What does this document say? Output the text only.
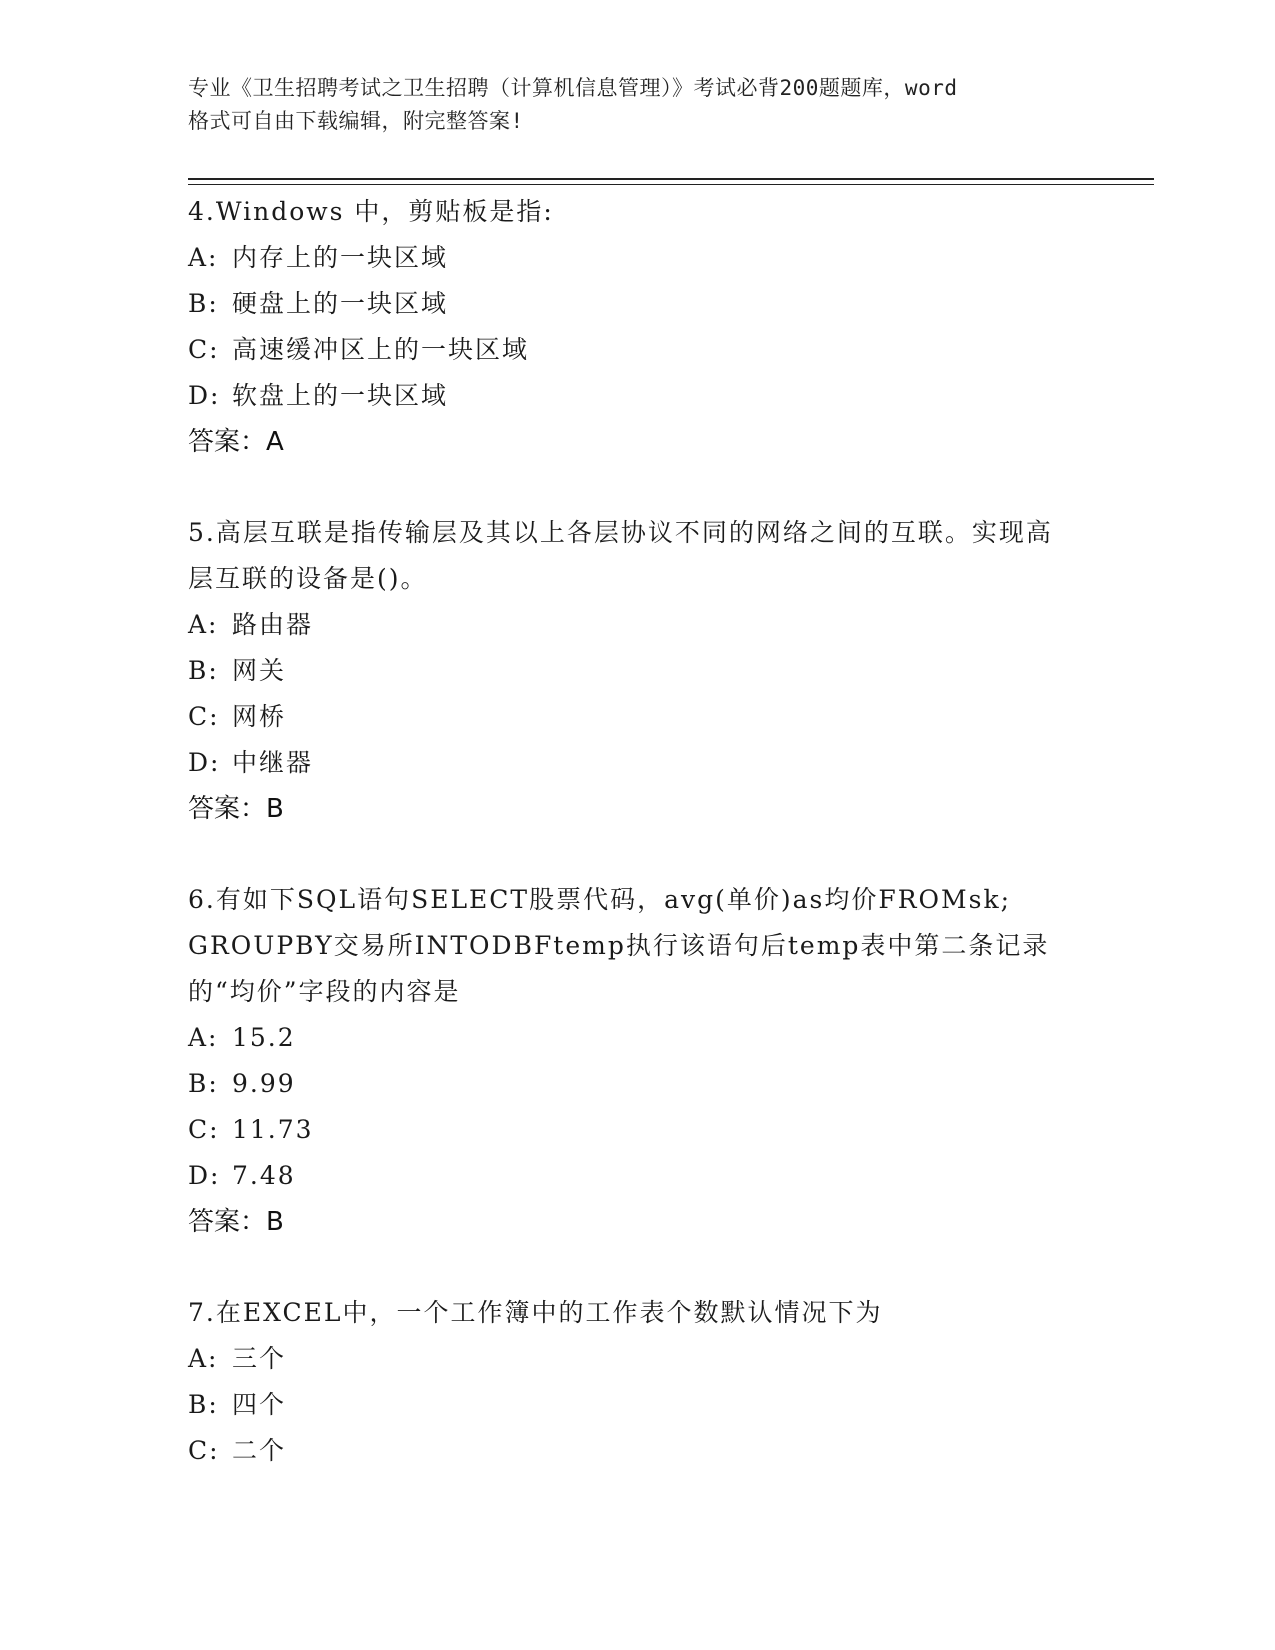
专业《卫生招聘考试之卫生招聘（计算机信息管理）》考试必背200题题库，word
格式可自由下载编辑，附完整答案!
4.Windows 中，剪贴板是指:
A: 内存上的一块区域
B: 硬盘上的一块区域
C: 高速缓冲区上的一块区域
D: 软盘上的一块区域
答案：A
5.高层互联是指传输层及其以上各层协议不同的网络之间的互联。实现高层互联的设备是()。
A: 路由器
B: 网关
C: 网桥
D: 中继器
答案：B
6.有如下SQL语句SELECT股票代码，avg(单价)as均价FROMsk; GROUPBY交易所INTODBFtemp执行该语句后temp表中第二条记录的“均价”字段的内容是
A: 15.2
B: 9.99
C: 11.73
D: 7.48
答案：B
7.在EXCEL中，一个工作簿中的工作表个数默认情况下为
A: 三个
B: 四个
C: 二个
